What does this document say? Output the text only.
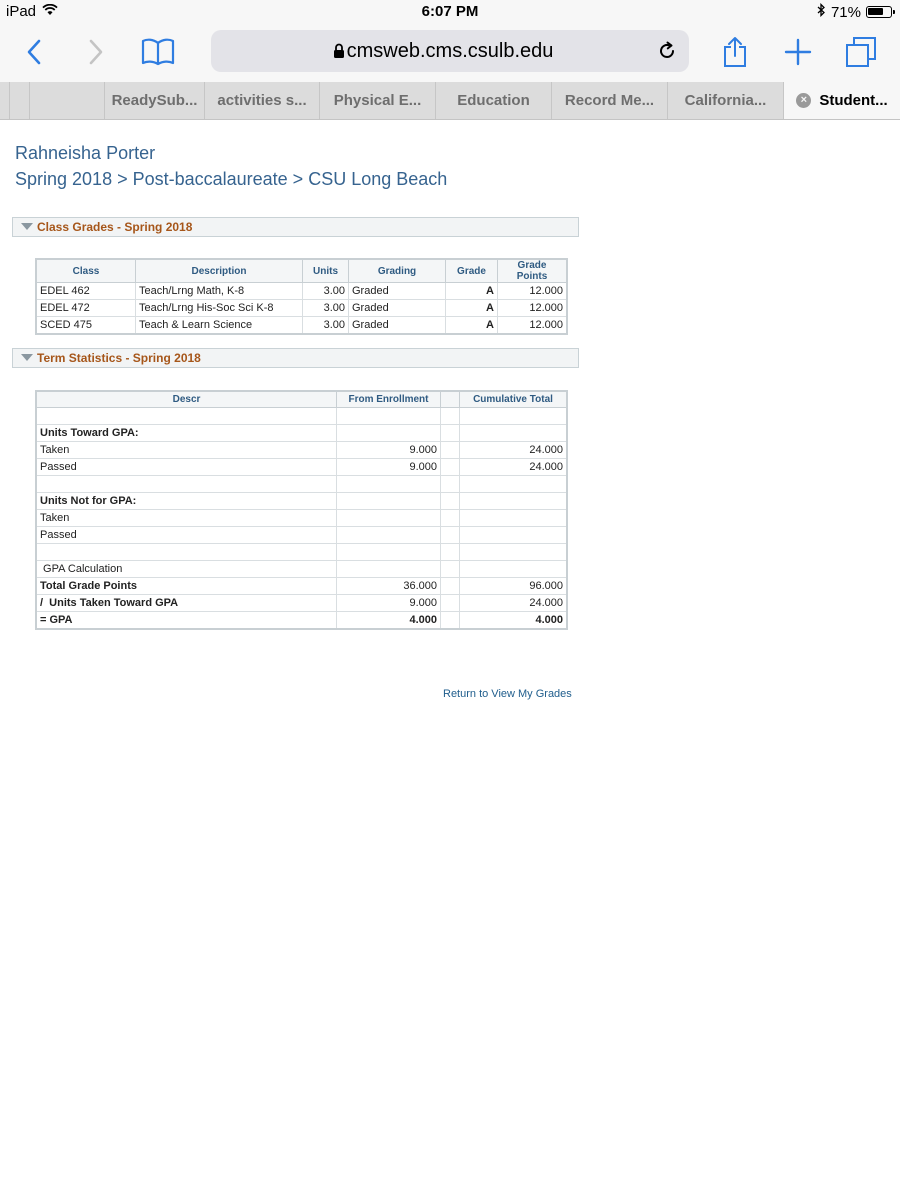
iPad	6:07 PM	71%
cmsweb.cms.csulb.edu
ReadySub... activities s... Physical E... Education Record Me... California...	× Student...
Rahneisha Porter
Spring 2018 > Post-baccalaureate > CSU Long Beach
Class Grades - Spring 2018
Class	Description	Units	Grading	Grade	Grade Points
EDEL 462	Teach/Lrng Math, K-8	3.00	Graded	A	12.000
EDEL 472	Teach/Lrng His-Soc Sci K-8	3.00	Graded	A	12.000
SCED 475	Teach & Learn Science	3.00	Graded	A	12.000
Term Statistics - Spring 2018
Descr	From Enrollment		Cumulative Total

Units Toward GPA:			
Taken	9.000		24.000
Passed	9.000		24.000

Units Not for GPA:			
Taken			
Passed			

GPA Calculation			
Total Grade Points	36.000		96.000
/  Units Taken Toward GPA	9.000		24.000
= GPA	4.000		4.000
Return to View My Grades
